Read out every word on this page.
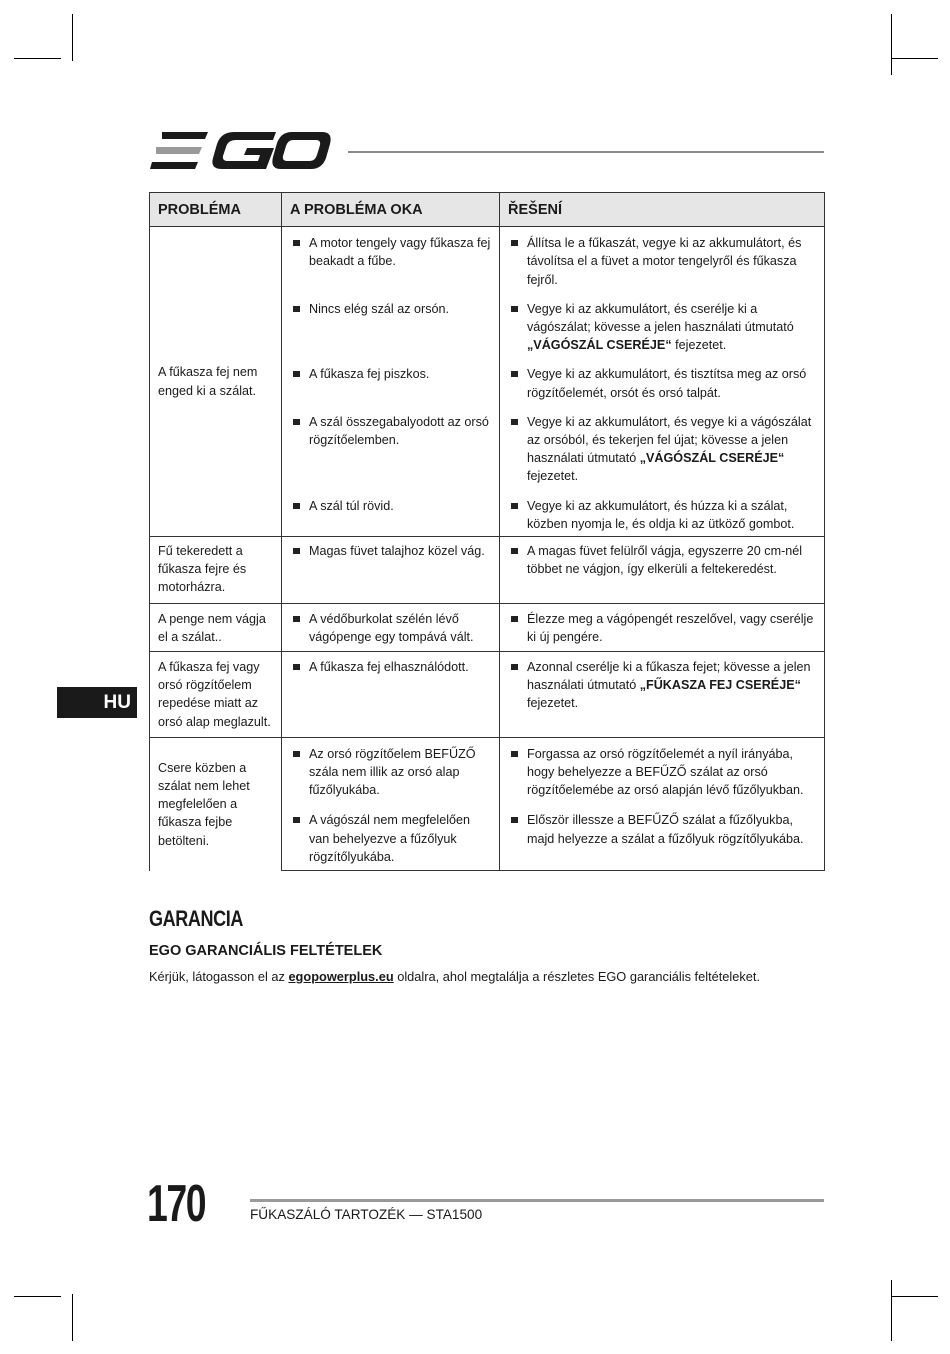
PROBLÉMA	A PROBLÉMA OKA	ŘEŠENÍ
A fűkasza fej nem enged ki a szálat.	A motor tengely vagy fűkasza fej beakadt a fűbe.	Állítsa le a fűkaszát, vegye ki az akkumulátort, és távolítsa el a füvet a motor tengelyről és fűkasza fejről.

	Nincs elég szál az orsón.	Vegye ki az akkumulátort, és cserélje ki a vágószálat; kövesse a jelen használati útmutató „VÁGÓSZÁL CSERÉJE“ fejezetet.

	A fűkasza fej piszkos.	Vegye ki az akkumulátort, és tisztítsa meg az orsó rögzítőelemét, orsót és orsó talpát.

	A szál összegabalyodott az orsó rögzítőelemben.	Vegye ki az akkumulátort, és vegye ki a vágószálat az orsóból, és tekerjen fel újat; kövesse a jelen használati útmutató „VÁGÓSZÁL CSERÉJE“ fejezetet.

	A szál túl rövid.	Vegye ki az akkumulátort, és húzza ki a szálat, közben nyomja le, és oldja ki az ütköző gombot.

Fű tekeredett a fűkasza fejre és motorházra.	Magas füvet talajhoz közel vág.	A magas füvet felülről vágja, egyszerre 20 cm-nél többet ne vágjon, így elkerüli a feltekeredést.

A penge nem vágja el a szálat..	A védőburkolat szélén lévő vágópenge egy tompává vált.	Élezze meg a vágópengét reszelővel, vagy cserélje ki új pengére.

A fűkasza fej vagy orsó rögzítőelem repedése miatt az orsó alap meglazult.	A fűkasza fej elhasználódott.	Azonnal cserélje ki a fűkasza fejet; kövesse a jelen használati útmutató „FŰKASZA FEJ CSERÉJE“ fejezetet.

Csere közben a szálat nem lehet megfelelően a fűkasza fejbe betölteni.	Az orsó rögzítőelem BEFŰZŐ szála nem illik az orsó alap fűzőlyukába.	Forgassa az orsó rögzítőelemét a nyíl irányába, hogy behelyezze a BEFŰZŐ szálat az orsó rögzítőelemébe az orsó alapján lévő fűzőlyukban.

	A vágószál nem megfelelően van behelyezve a fűzőlyuk rögzítőlyukába.	Először illessze a BEFŰZŐ szálat a fűzőlyukba, majd helyezze a szálat a fűzőlyuk rögzítőlyukába.
HU
GARANCIA
EGO GARANCIÁLIS FELTÉTELEK
Kérjük, látogasson el az egopowerplus.eu oldalra, ahol megtalálja a részletes EGO garanciális feltételeket.
170	FŰKASZÁLÓ TARTOZÉK — STA1500
